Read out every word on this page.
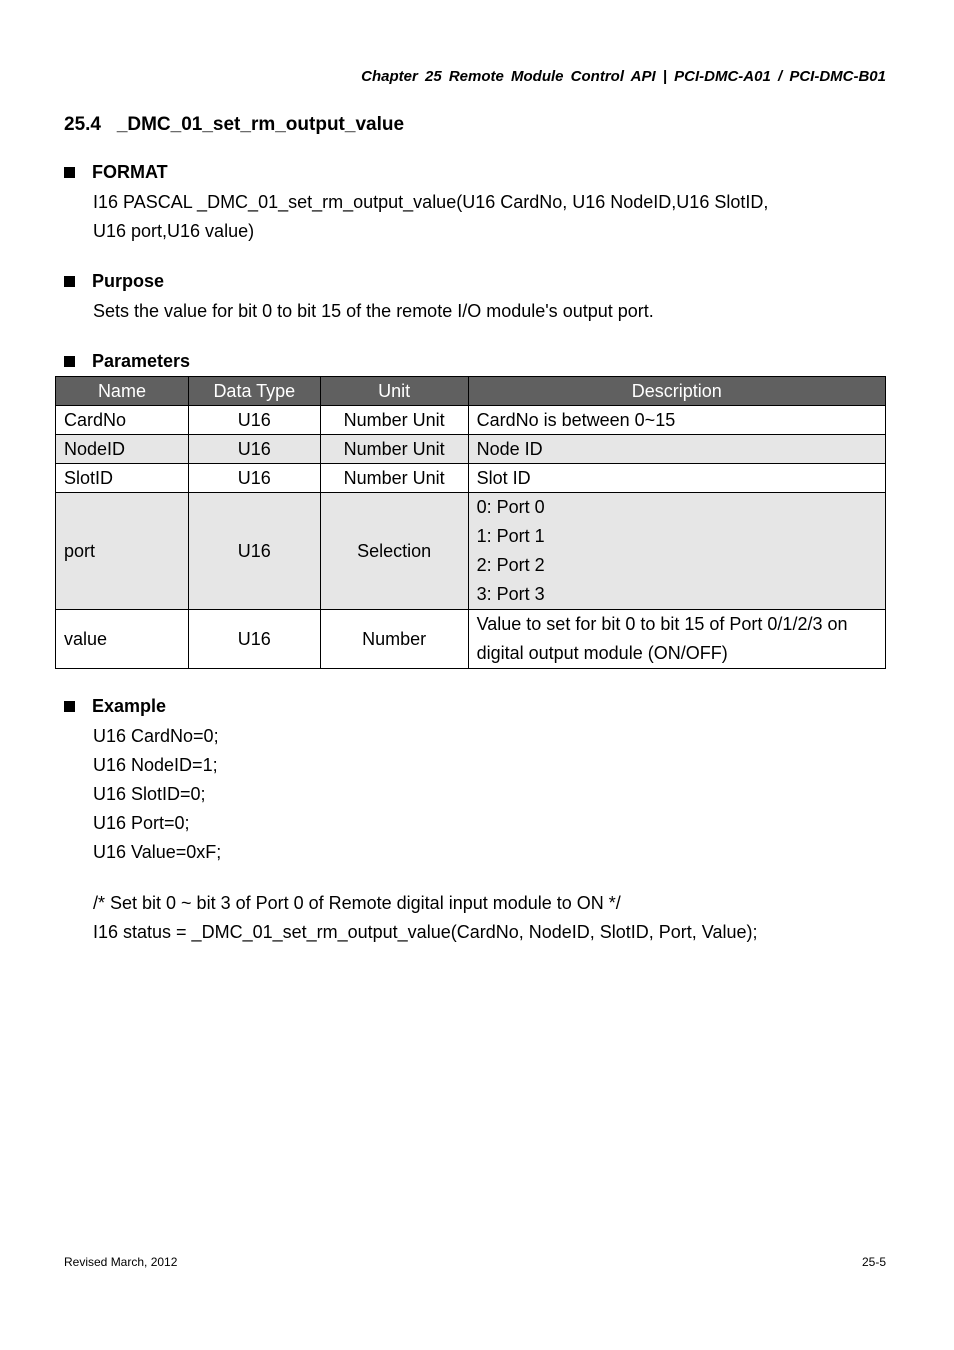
Chapter 25 Remote Module Control API | PCI-DMC-A01 / PCI-DMC-B01
25.4   _DMC_01_set_rm_output_value
FORMAT
I16 PASCAL _DMC_01_set_rm_output_value(U16 CardNo, U16 NodeID,U16 SlotID,
U16 port,U16 value)
Purpose
Sets the value for bit 0 to bit 15 of the remote I/O module's output port.
Parameters
Name	Data Type	Unit	Description
CardNo	U16	Number Unit	CardNo is between 0~15
NodeID	U16	Number Unit	Node ID
SlotID	U16	Number Unit	Slot ID
port	U16	Selection	0: Port 0
1: Port 1
2: Port 2
3: Port 3

value	U16	Number	Value to set for bit 0 to bit 15 of Port 0/1/2/3 on
digital output module (ON/OFF)
Example
U16 CardNo=0;
U16 NodeID=1;
U16 SlotID=0;
U16 Port=0;
U16 Value=0xF;
/* Set bit 0 ~ bit 3 of Port 0 of Remote digital input module to ON */
I16 status = _DMC_01_set_rm_output_value(CardNo, NodeID, SlotID, Port, Value);
Revised March, 2012	25-5
